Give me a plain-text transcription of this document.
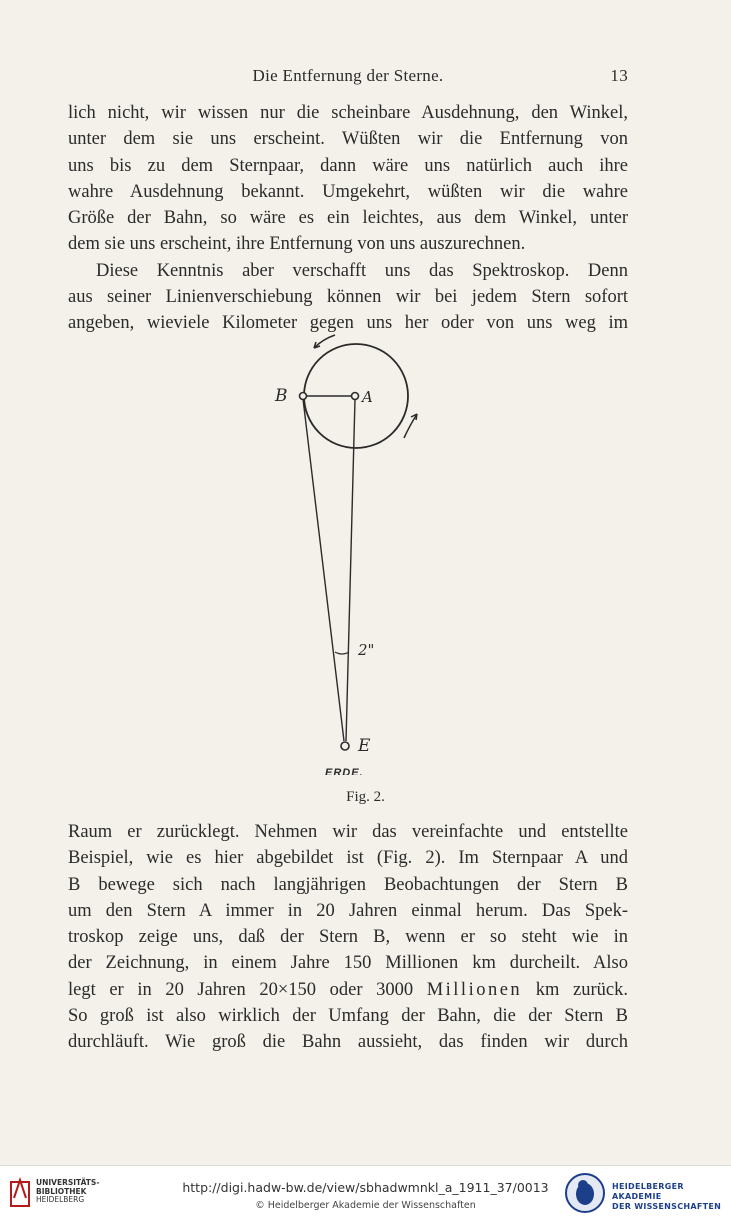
Die Entfernung der Sterne.	13

lich nicht, wir wissen nur die scheinbare Ausdehnung, den Winkel,
unter dem sie uns erscheint. Wüßten wir die Entfernung von
uns bis zu dem Sternpaar, dann wäre uns natürlich auch ihre
wahre Ausdehnung bekannt. Umgekehrt, wüßten wir die wahre
Größe der Bahn, so wäre es ein leichtes, aus dem Winkel, unter
dem sie uns erscheint, ihre Entfernung von uns auszurechnen.
Diese Kenntnis aber verschafft uns das Spektroskop. Denn
aus seiner Linienverschiebung können wir bei jedem Stern sofort
angeben, wieviele Kilometer gegen uns her oder von uns weg im

B	A
2"
E
ERDE.
Fig. 2.

Raum er zurücklegt. Nehmen wir das vereinfachte und entstellte
Beispiel, wie es hier abgebildet ist (Fig. 2). Im Sternpaar A und
B bewege sich nach langjährigen Beobachtungen der Stern B
um den Stern A immer in 20 Jahren einmal herum. Das Spek-
troskop zeige uns, daß der Stern B, wenn er so steht wie in
der Zeichnung, in einem Jahre 150 Millionen km durcheilt. Also
legt er in 20 Jahren 20×150 oder 3000 Millionen km zurück.
So groß ist also wirklich der Umfang der Bahn, die der Stern B
durchläuft. Wie groß die Bahn aussieht, das finden wir durch

UNIVERSITÄTS-
BIBLIOTHEK
HEIDELBERG
http://digi.hadw-bw.de/view/sbhadwmnkl_a_1911_37/0013
© Heidelberger Akademie der Wissenschaften
HEIDELBERGER AKADEMIE
DER WISSENSCHAFTEN
